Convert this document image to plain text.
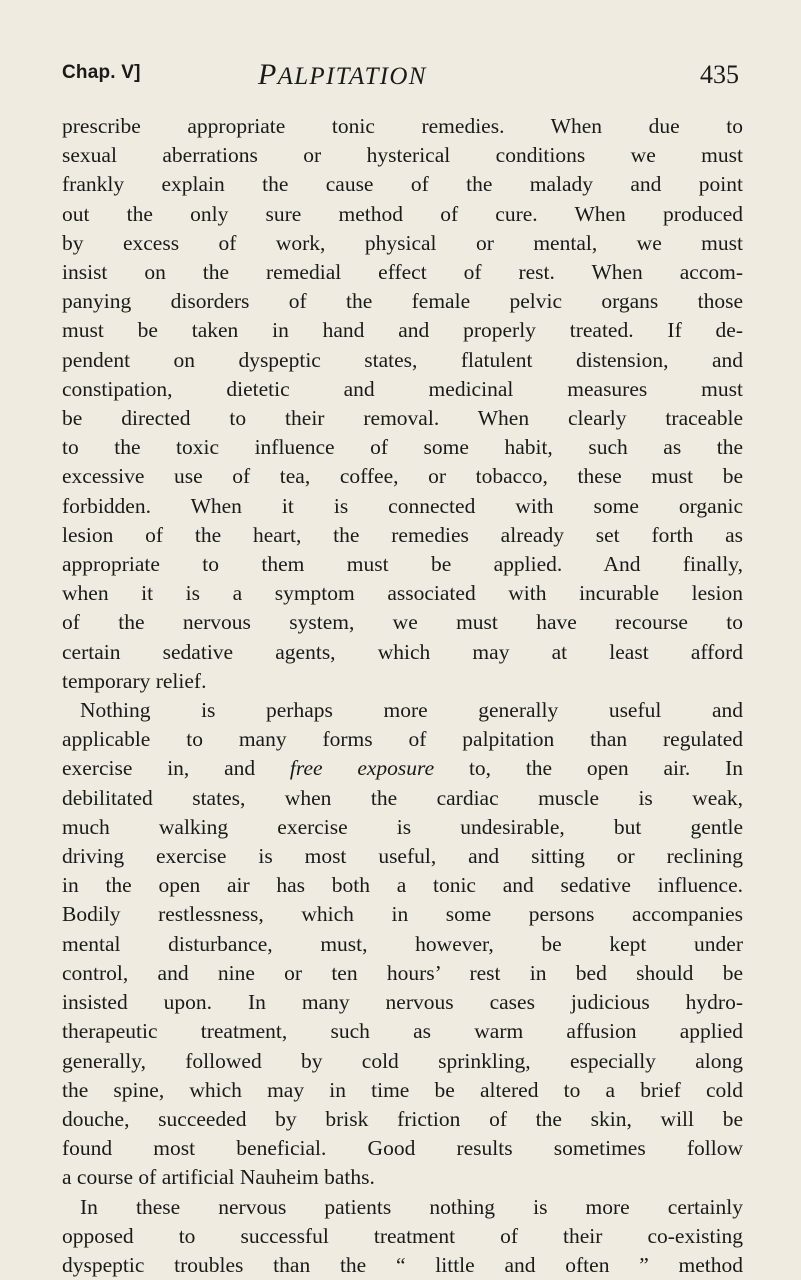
Chap. V]	PALPITATION	435
prescribe appropriate tonic remedies. When due to
sexual aberrations or hysterical conditions we must
frankly explain the cause of the malady and point
out the only sure method of cure. When produced
by excess of work, physical or mental, we must
insist on the remedial effect of rest. When accom-
panying disorders of the female pelvic organs those
must be taken in hand and properly treated. If de-
pendent on dyspeptic states, flatulent distension, and
constipation, dietetic and medicinal measures must
be directed to their removal. When clearly traceable
to the toxic influence of some habit, such as the
excessive use of tea, coffee, or tobacco, these must be
forbidden. When it is connected with some organic
lesion of the heart, the remedies already set forth as
appropriate to them must be applied. And finally,
when it is a symptom associated with incurable lesion
of the nervous system, we must have recourse to
certain sedative agents, which may at least afford
temporary relief.
Nothing is perhaps more generally useful and
applicable to many forms of palpitation than regulated
exercise in, and free exposure to, the open air. In
debilitated states, when the cardiac muscle is weak,
much walking exercise is undesirable, but gentle
driving exercise is most useful, and sitting or reclining
in the open air has both a tonic and sedative influence.
Bodily restlessness, which in some persons accompanies
mental disturbance, must, however, be kept under
control, and nine or ten hours’ rest in bed should be
insisted upon. In many nervous cases judicious hydro-
therapeutic treatment, such as warm affusion applied
generally, followed by cold sprinkling, especially along
the spine, which may in time be altered to a brief cold
douche, succeeded by brisk friction of the skin, will be
found most beneficial. Good results sometimes follow
a course of artificial Nauheim baths.
In these nervous patients nothing is more certainly
opposed to successful treatment of their co-existing
dyspeptic troubles than the “ little and often ” method
